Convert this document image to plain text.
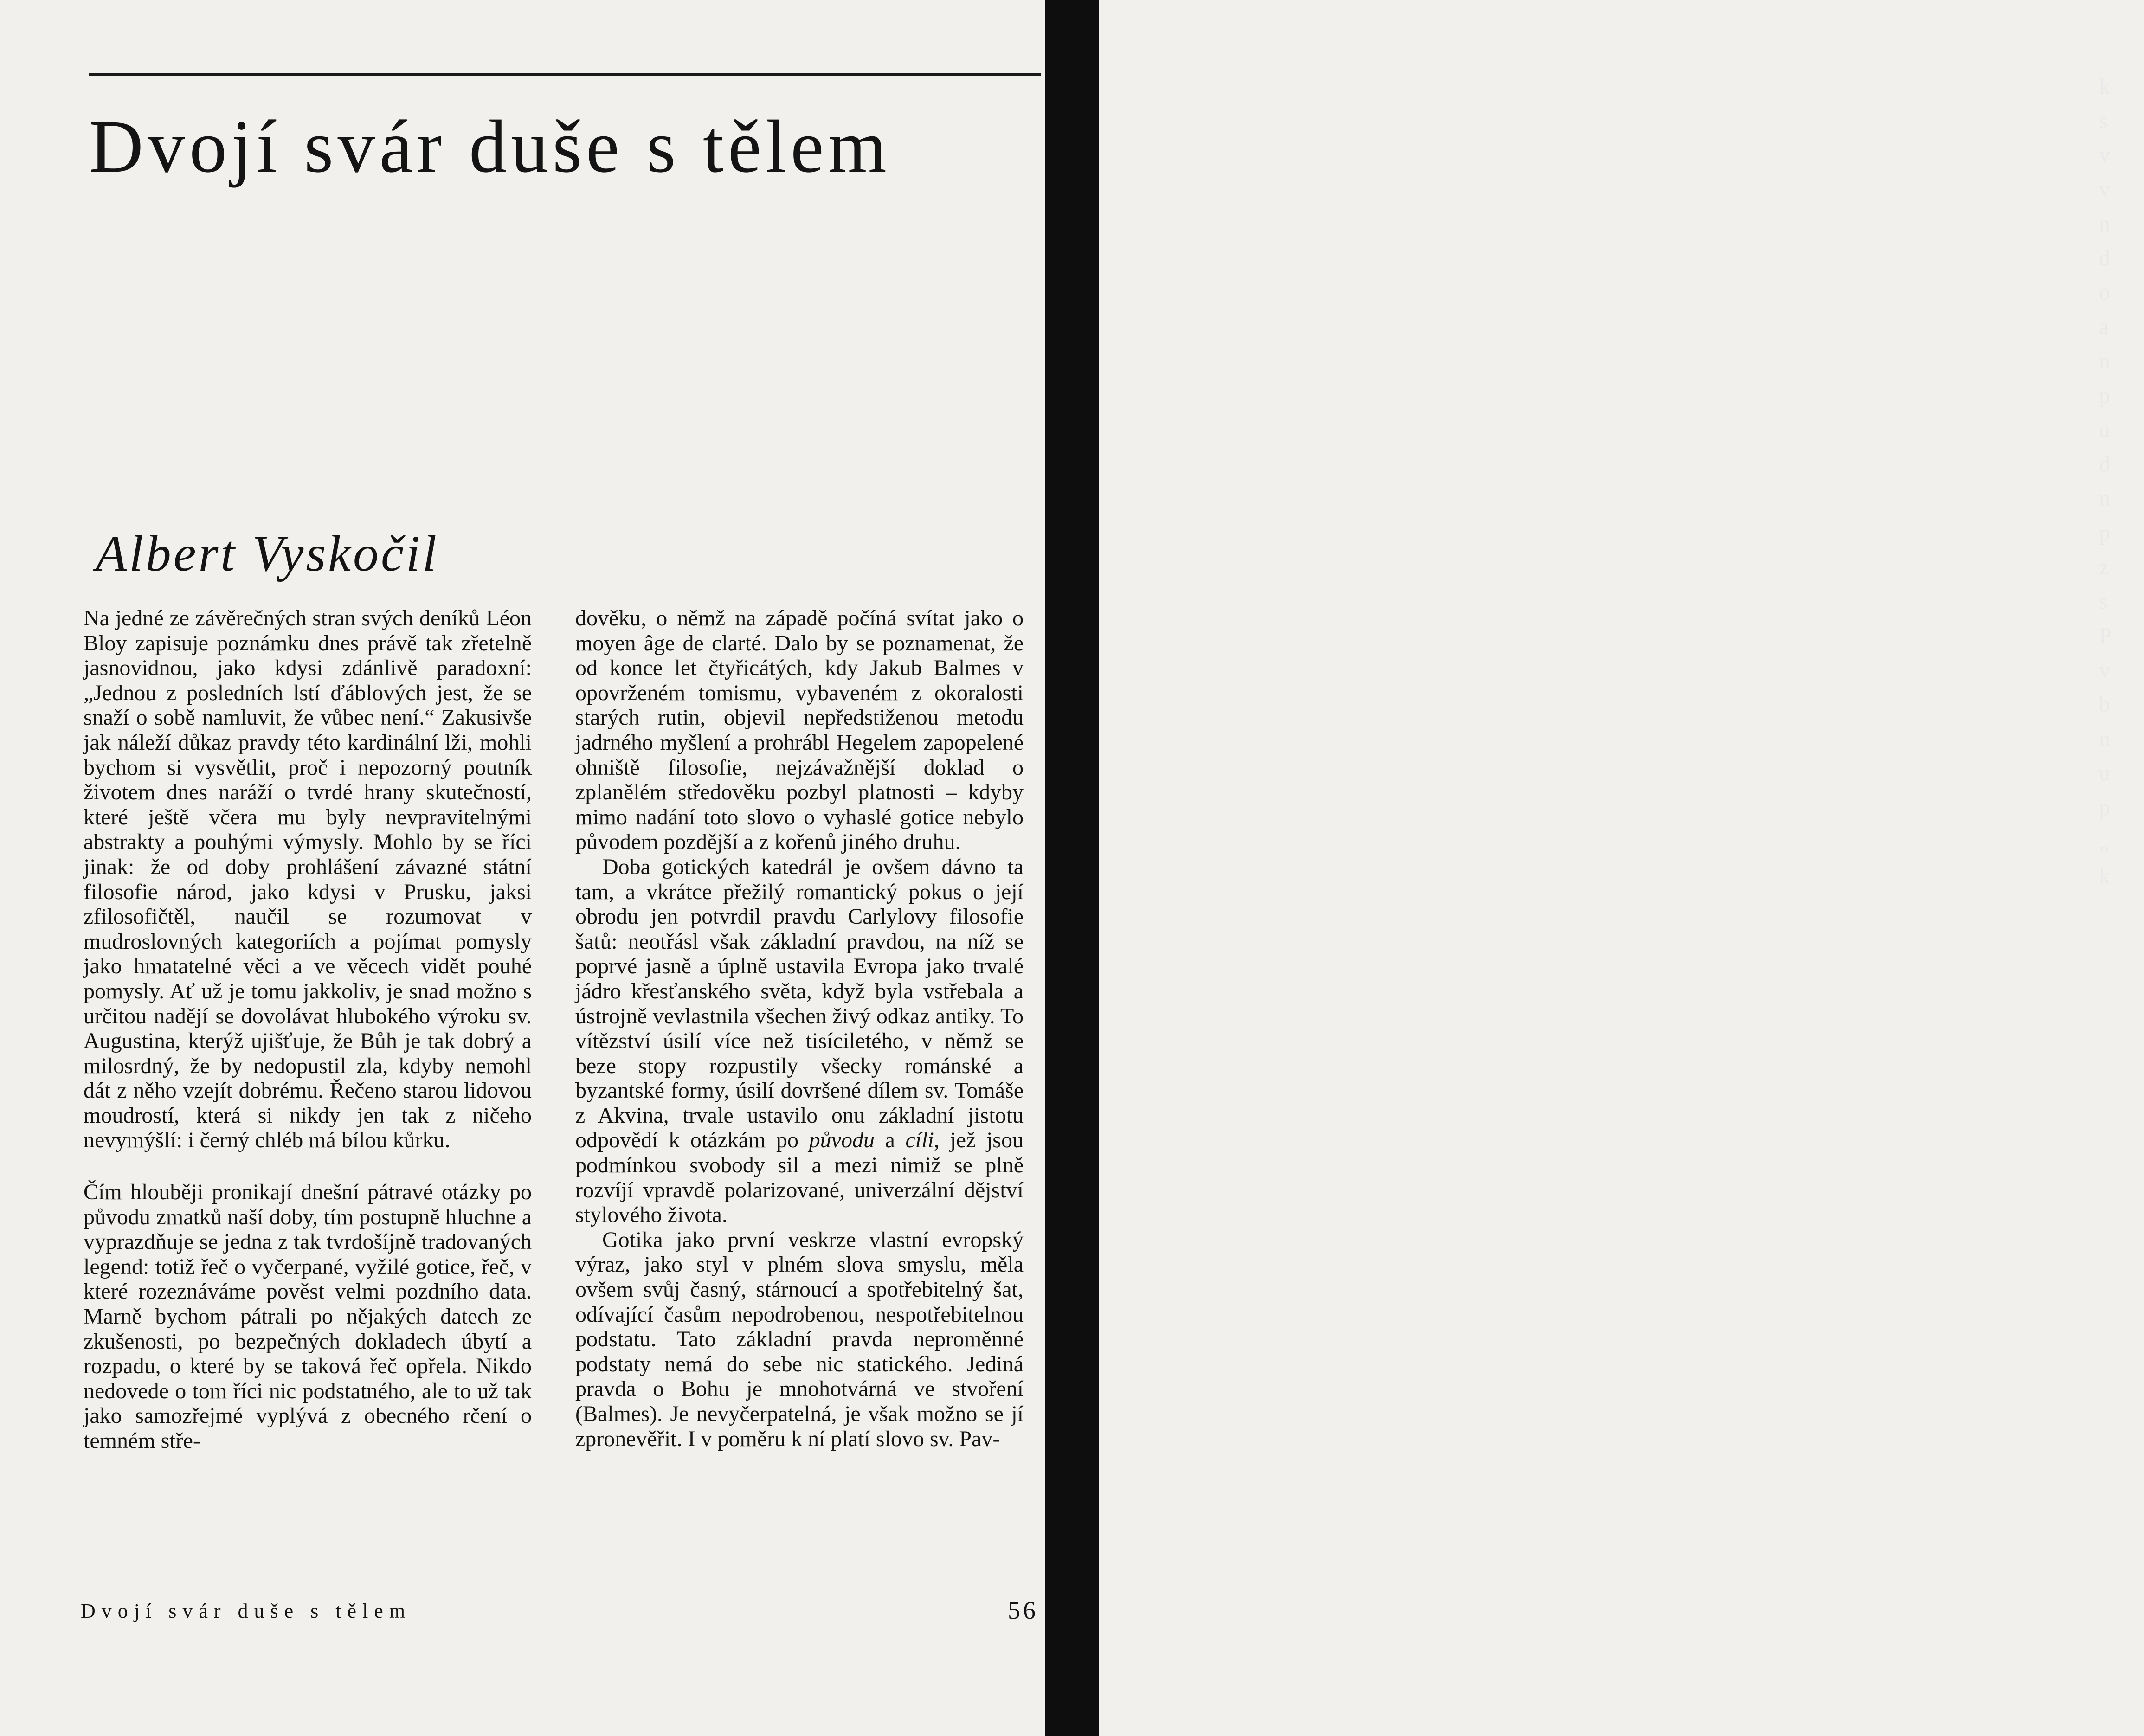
k
s
v
v
n
d
o
a
n
p
u
d
n
p
z
s
P
v
b
n
u
p
„
k
Dvojí svár duše s tělem
Albert Vyskočil

Na jedné ze závěrečných stran svých deníků Léon Bloy zapisuje poznámku dnes právě tak zřetelně jasnovidnou, jako kdysi zdánlivě paradoxní: „Jednou z posledních lstí ďáblových jest, že se snaží o sobě namluvit, že vůbec není.“ Zakusivše jak náleží důkaz pravdy této kardinální lži, mohli bychom si vysvětlit, proč i nepozorný poutník životem dnes naráží o tvrdé hrany skutečností, které ještě včera mu byly nevpravitelnými abstrakty a pouhými výmysly. Mohlo by se říci jinak: že od doby prohlášení závazné státní filosofie národ, jako kdysi v Prusku, jaksi zfilosofičtěl, naučil se rozumovat v mudroslovných kategoriích a pojímat pomysly jako hmatatelné věci a ve věcech vidět pouhé pomysly. Ať už je tomu jakkoliv, je snad možno s určitou nadějí se dovolávat hlubokého výroku sv. Augustina, kterýž ujišťuje, že Bůh je tak dobrý a milosrdný, že by nedopustil zla, kdyby nemohl dát z něho vzejít dobrému. Řečeno starou lidovou moudrostí, která si nikdy jen tak z ničeho nevymýšlí: i černý chléb má bílou kůrku.

Čím hlouběji pronikají dnešní pátravé otázky po původu zmatků naší doby, tím postupně hluchne a vyprazdňuje se jedna z tak tvrdošíjně tradovaných legend: totiž řeč o vyčerpané, vyžilé gotice, řeč, v které rozeznáváme pověst velmi pozdního data. Marně bychom pátrali po nějakých datech ze zkušenosti, po bezpečných dokladech úbytí a rozpadu, o které by se taková řeč opřela. Nikdo nedovede o tom říci nic podstatného, ale to už tak jako samozřejmé vyplývá z obecného rčení o temném stře-

dověku, o němž na západě počíná svítat jako o moyen âge de clarté. Dalo by se poznamenat, že od konce let čtyřicátých, kdy Jakub Balmes v opovrženém tomismu, vybaveném z okoralosti starých rutin, objevil nepředstiženou metodu jadrného myšlení a prohrábl Hegelem zapopelené ohniště filosofie, nejzávažnější doklad o zplanělém středověku pozbyl platnosti – kdyby mimo nadání toto slovo o vyhaslé gotice nebylo původem pozdější a z kořenů jiného druhu.

Doba gotických katedrál je ovšem dávno ta tam, a vkrátce přežilý romantický pokus o její obrodu jen potvrdil pravdu Carlylovy filosofie šatů: neotřásl však základní pravdou, na níž se poprvé jasně a úplně ustavila Evropa jako trvalé jádro křesťanského světa, když byla vstřebala a ústrojně vevlastnila všechen živý odkaz antiky. To vítězství úsilí více než tisíciletého, v němž se beze stopy rozpustily všecky románské a byzantské formy, úsilí dovršené dílem sv. Tomáše z Akvina, trvale ustavilo onu základní jistotu odpovědí k otázkám po původu a cíli, jež jsou podmínkou svobody sil a mezi nimiž se plně rozvíjí vpravdě polarizované, univerzální dějství stylového života.

Gotika jako první veskrze vlastní evropský výraz, jako styl v plném slova smyslu, měla ovšem svůj časný, stárnoucí a spotřebitelný šat, odívající časům nepodrobenou, nespotřebitelnou podstatu. Tato základní pravda neproměnné podstaty nemá do sebe nic statického. Jediná pravda o Bohu je mnohotvárná ve stvoření (Balmes). Je nevyčerpatelná, je však možno se jí zpronevěřit. I v poměru k ní platí slovo sv. Pav-

Dvojí svár duše s tělem	56
